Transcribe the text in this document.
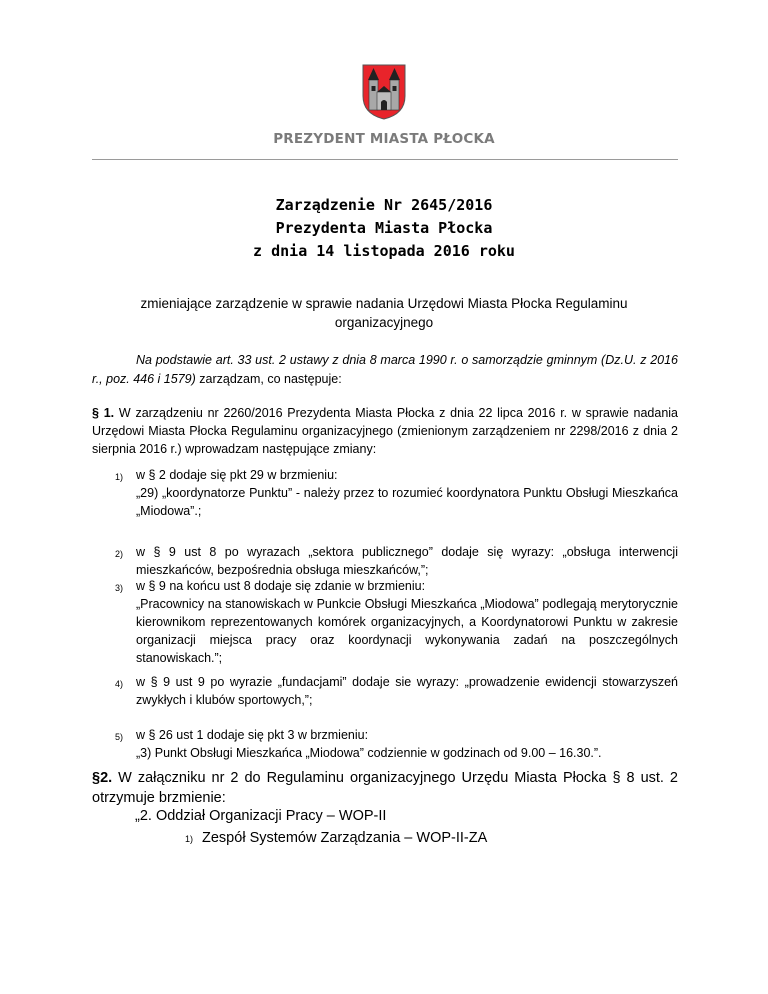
PREZYDENT MIASTA PŁOCKA
Zarządzenie Nr 2645/2016
Prezydenta Miasta Płocka
z dnia 14 listopada 2016 roku
zmieniające zarządzenie w sprawie nadania Urzędowi Miasta Płocka Regulaminu organizacyjnego
Na podstawie art. 33 ust. 2 ustawy z dnia 8 marca 1990 r. o samorządzie gminnym (Dz.U. z 2016 r., poz. 446 i 1579) zarządzam, co następuje:
§ 1. W zarządzeniu nr 2260/2016 Prezydenta Miasta Płocka z dnia 22 lipca 2016 r. w sprawie nadania Urzędowi Miasta Płocka Regulaminu organizacyjnego (zmienionym zarządzeniem nr 2298/2016 z dnia 2 sierpnia 2016 r.) wprowadzam następujące zmiany:
1) w § 2 dodaje się pkt 29 w brzmieniu:
„29) „koordynatorze Punktu” - należy przez to rozumieć koordynatora Punktu Obsługi Mieszkańca „Miodowa”.;
2) w § 9 ust 8 po wyrazach „sektora publicznego” dodaje się wyrazy: „obsługa interwencji mieszkańców, bezpośrednia obsługa mieszkańców,”;
3) w § 9 na końcu ust 8 dodaje się zdanie w brzmieniu:
„Pracownicy na stanowiskach w Punkcie Obsługi Mieszkańca „Miodowa” podlegają merytorycznie kierownikom reprezentowanych komórek organizacyjnych, a Koordynatorowi Punktu w zakresie organizacji miejsca pracy oraz koordynacji wykonywania zadań na poszczególnych stanowiskach.”;
4) w § 9 ust 9 po wyrazie „fundacjami” dodaje sie wyrazy: „prowadzenie ewidencji stowarzyszeń zwykłych i klubów sportowych,”;
5) w § 26 ust 1 dodaje się pkt 3 w brzmieniu:
„3) Punkt Obsługi Mieszkańca „Miodowa” codziennie w godzinach od 9.00 – 16.30.”.
§2. W załączniku nr 2 do Regulaminu organizacyjnego Urzędu Miasta Płocka § 8 ust. 2 otrzymuje brzmienie:
„2. Oddział Organizacji Pracy – WOP-II
1) Zespół Systemów Zarządzania – WOP-II-ZA
